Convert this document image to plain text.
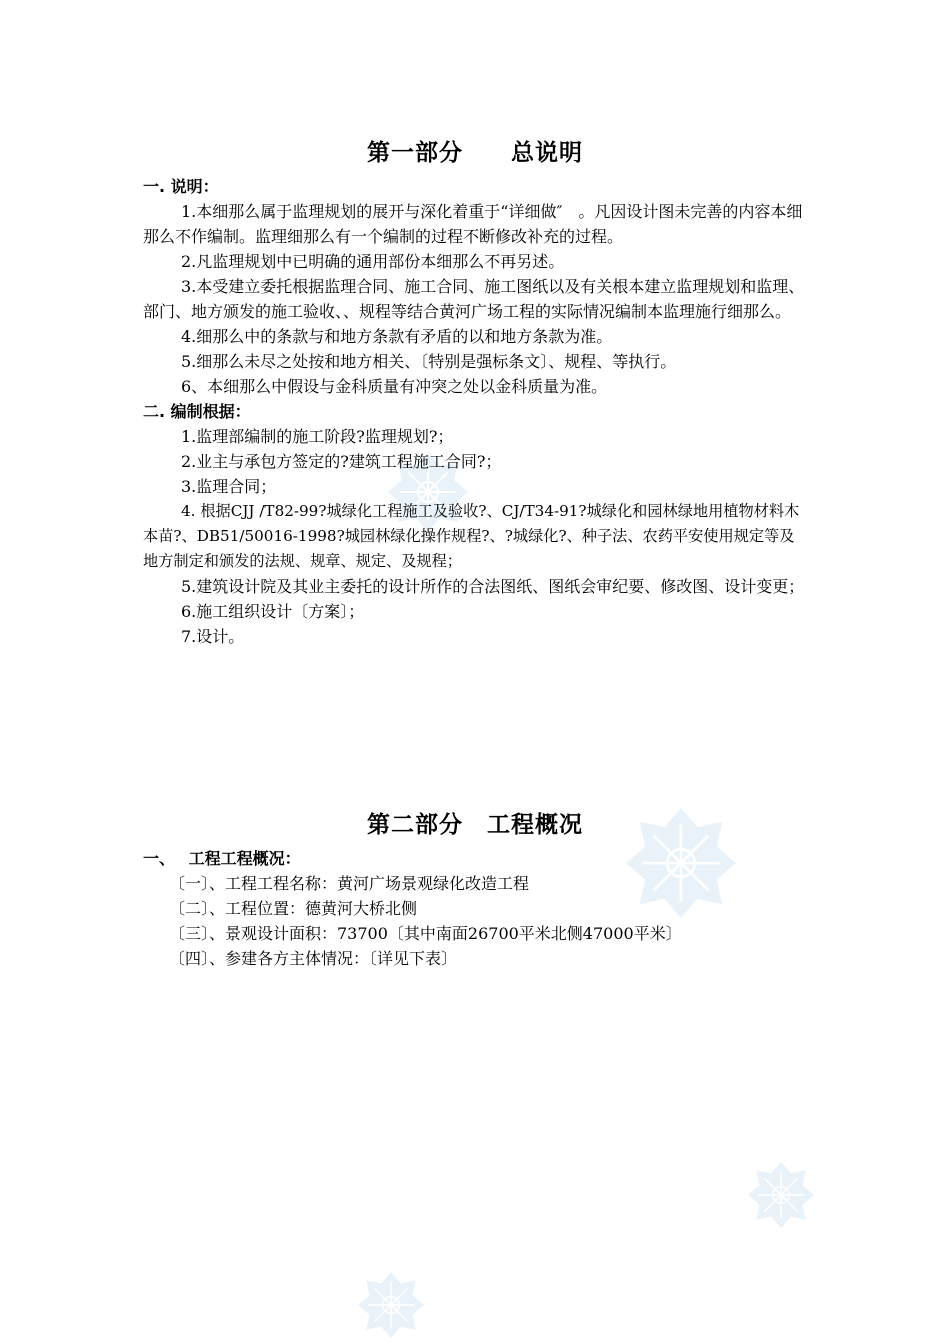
第一部分　　总说明

一. 说明：

1.本细那么属于监理规划的展开与深化着重于“详细做″　。凡因设计图未完善的内容本细那么不作编制。监理细那么有一个编制的过程不断修改补充的过程。

2.凡监理规划中已明确的通用部份本细那么不再另述。

3.本受建立委托根据监理合同、施工合同、施工图纸以及有关根本建立监理规划和监理、部门、地方颁发的施工验收、、规程等结合黄河广场工程的实际情况编制本监理施行细那么。

4.细那么中的条款与和地方条款有矛盾的以和地方条款为准。

5.细那么未尽之处按和地方相关、〔特别是强标条文〕、规程、等执行。

6、本细那么中假设与金科质量有冲突之处以金科质量为准。

二. 编制根据：

1.监理部编制的施工阶段?监理规划?；

2.业主与承包方签定的?建筑工程施工合同?；

3.监理合同；

4. 根据CJJ /T82-99?城绿化工程施工及验收?、CJ/T34-91?城绿化和园林绿地用植物材料木本苗?、DB51/50016-1998?城园林绿化操作规程?、?城绿化?、种子法、农药平安使用规定等及地方制定和颁发的法规、规章、规定、及规程；

5.建筑设计院及其业主委托的设计所作的合法图纸、图纸会审纪要、修改图、设计变更；

6.施工组织设计〔方案〕；

7.设计。

第二部分　工程概况

一、　 工程工程概况：

〔一〕、工程工程名称：黄河广场景观绿化改造工程

〔二〕、工程位置：德黄河大桥北侧

〔三〕、景观设计面积：73700〔其中南面26700平米北侧47000平米〕

〔四〕、参建各方主体情况：〔详见下表〕
